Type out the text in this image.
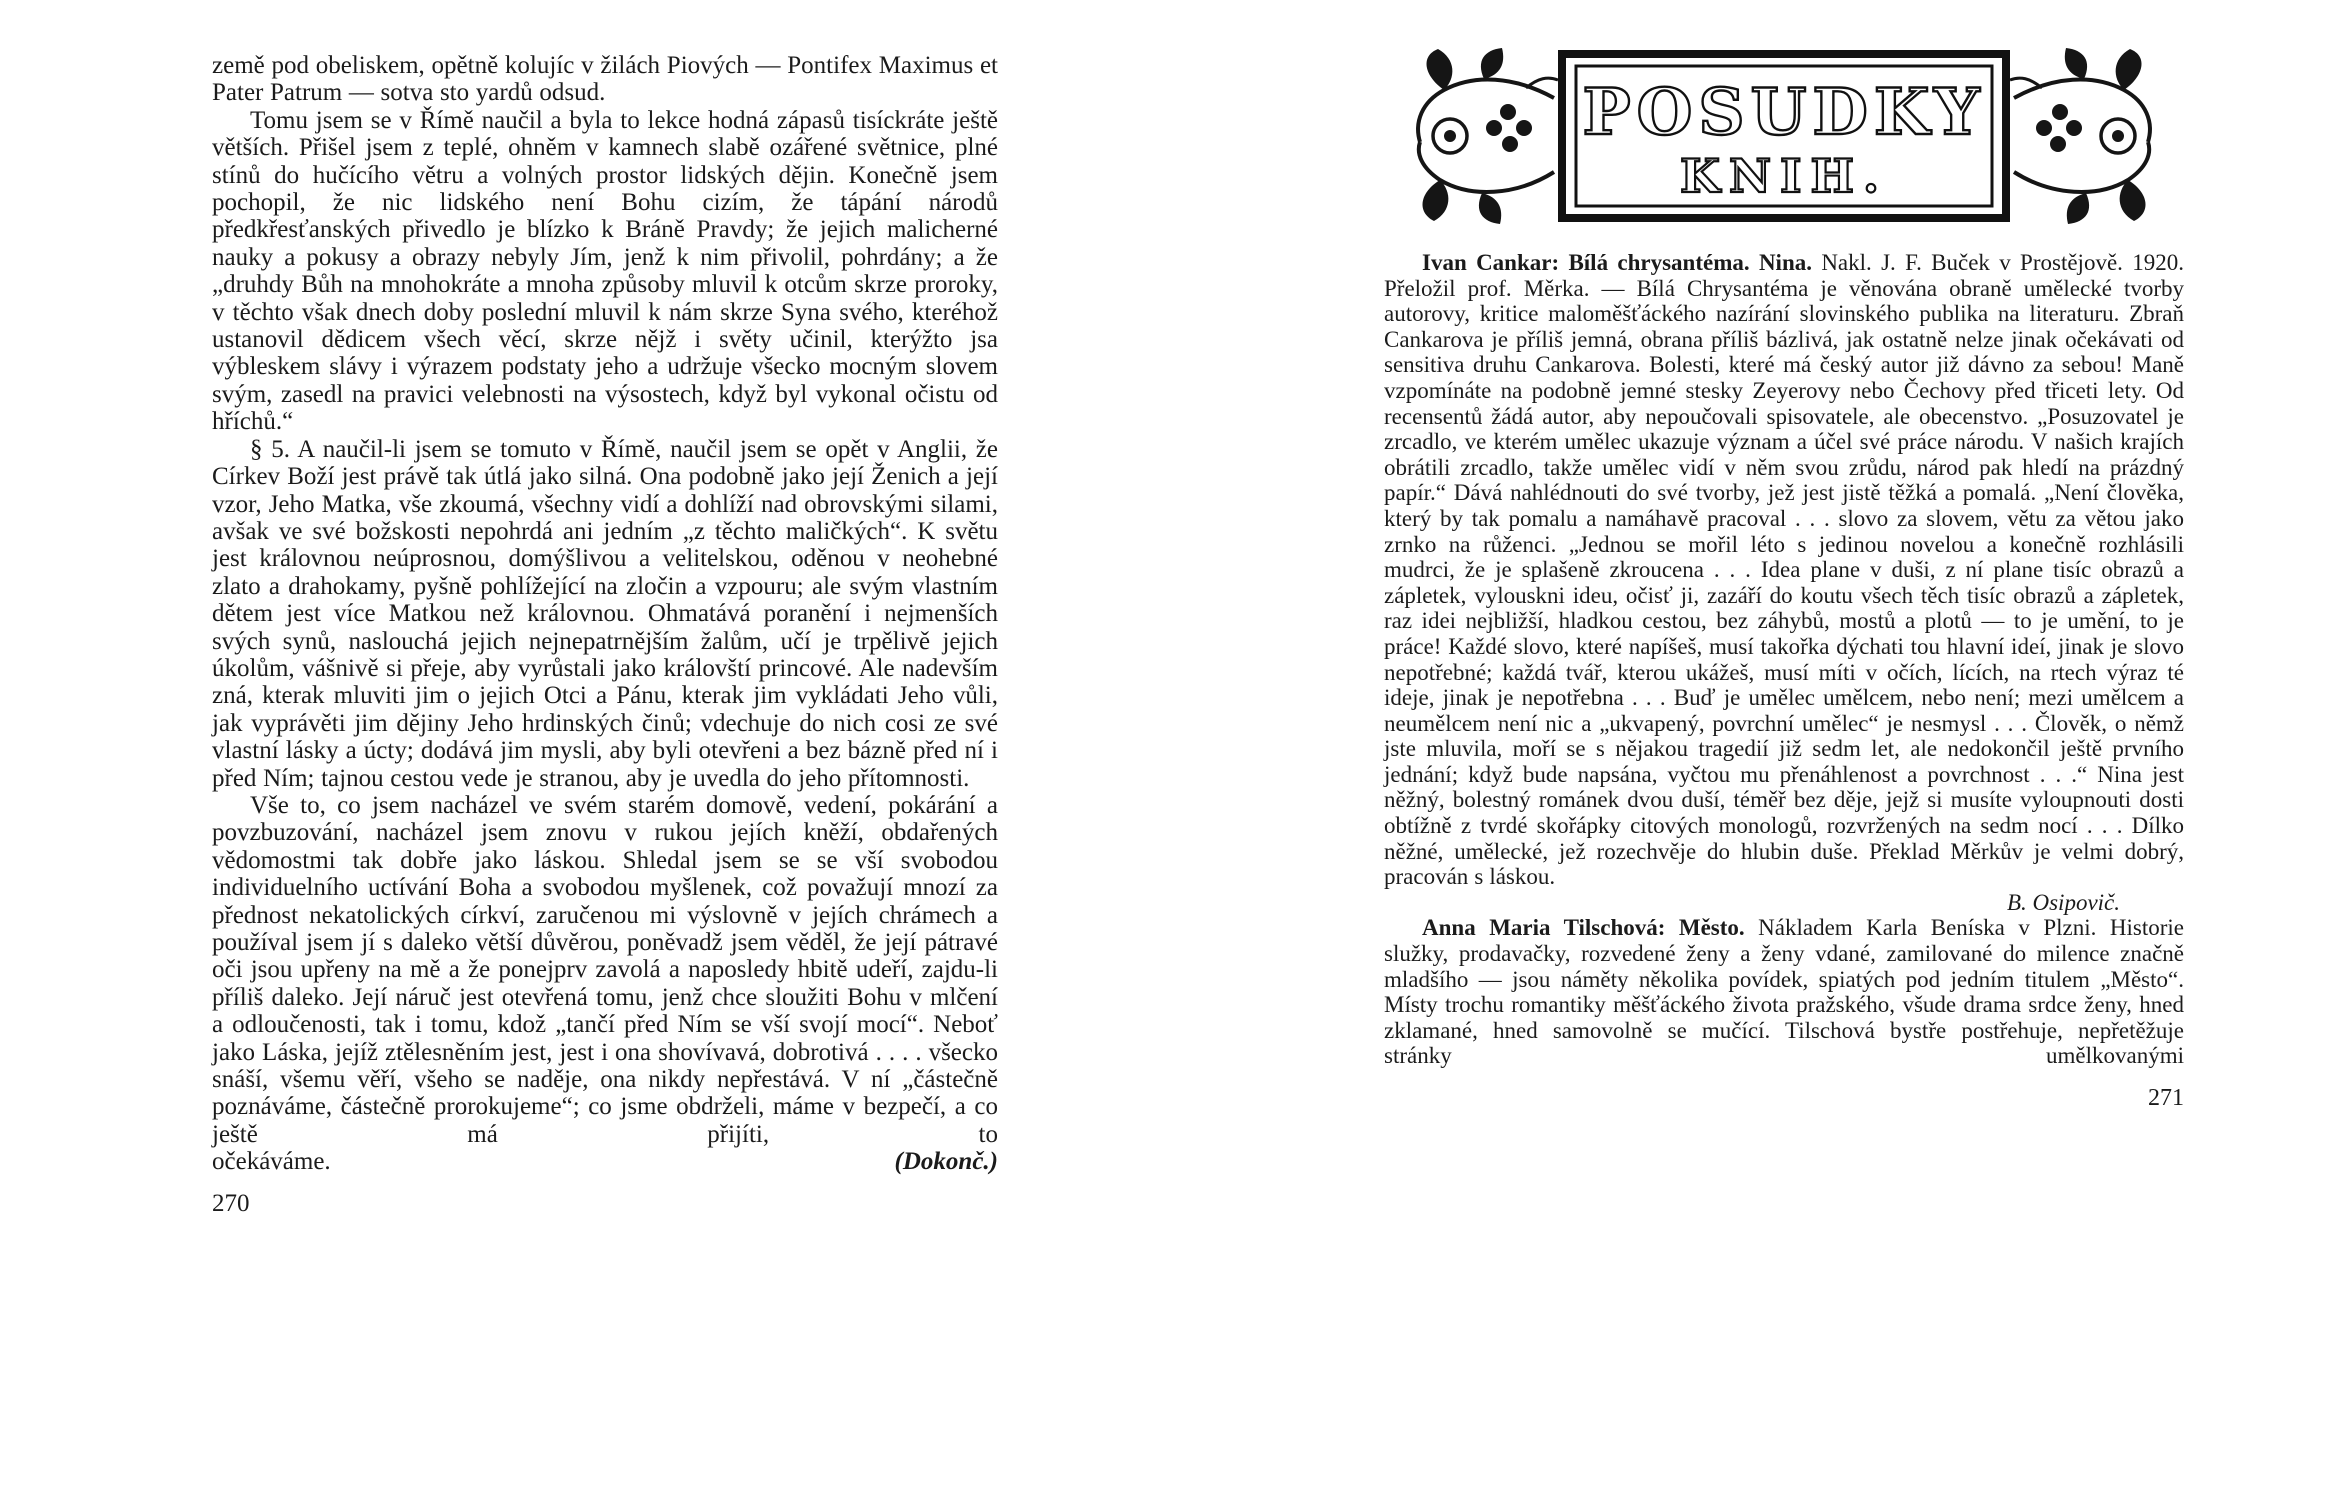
země pod obeliskem, opětně kolujíc v žilách Piových — Pontifex Maximus et Pater Patrum — sotva sto yardů odsud.

Tomu jsem se v Římě naučil a byla to lekce hodná zápasů tisíckráte ještě větších. Přišel jsem z teplé, ohněm v kamnech slabě ozářené světnice, plné stínů do hučícího větru a volných prostor lidských dějin. Konečně jsem pochopil, že nic lidského není Bohu cizím, že tápání národů předkřesťanských přivedlo je blízko k Bráně Pravdy; že jejich malicherné nauky a pokusy a obrazy nebyly Jím, jenž k nim přivolil, pohrdány; a že „druhdy Bůh na mnohokráte a mnoha způsoby mluvil k otcům skrze proroky, v těchto však dnech doby poslední mluvil k nám skrze Syna svého, kteréhož ustanovil dědicem všech věcí, skrze nějž i světy učinil, kterýžto jsa výbleskem slávy i výrazem podstaty jeho a udržuje všecko mocným slovem svým, zasedl na pravici velebnosti na výsostech, když byl vykonal očistu od hříchů.“

§ 5. A naučil-li jsem se tomuto v Římě, naučil jsem se opět v Anglii, že Církev Boží jest právě tak útlá jako silná. Ona podobně jako její Ženich a její vzor, Jeho Matka, vše zkoumá, všechny vidí a dohlíží nad obrovskými silami, avšak ve své božskosti nepohrdá ani jedním „z těchto maličkých“. K světu jest královnou neúprosnou, domýšlivou a velitelskou, oděnou v neohebné zlato a drahokamy, pyšně pohlížející na zločin a vzpouru; ale svým vlastním dětem jest více Matkou než královnou. Ohmatává poranění i nejmenších svých synů, naslouchá jejich nejnepatrnějším žalům, učí je trpělivě jejich úkolům, vášnivě si přeje, aby vyrůstali jako královští princové. Ale nadevším zná, kterak mluviti jim o jejich Otci a Pánu, kterak jim vykládati Jeho vůli, jak vyprávěti jim dějiny Jeho hrdinských činů; vdechuje do nich cosi ze své vlastní lásky a úcty; dodává jim mysli, aby byli otevřeni a bez bázně před ní i před Ním; tajnou cestou vede je stranou, aby je uvedla do jeho přítomnosti.

Vše to, co jsem nacházel ve svém starém domově, vedení, pokárání a povzbuzování, nacházel jsem znovu v rukou jejích kněží, obdařených vědomostmi tak dobře jako láskou. Shledal jsem se se vší svobodou individuelního uctívání Boha a svobodou myšlenek, což považují mnozí za přednost nekatolických církví, zaručenou mi výslovně v jejích chrámech a používal jsem jí s daleko větší důvěrou, poněvadž jsem věděl, že její pátravé oči jsou upřeny na mě a že ponejprv zavolá a naposledy hbitě udeří, zajdu-li příliš daleko. Její náruč jest otevřená tomu, jenž chce sloužiti Bohu v mlčení a odloučenosti, tak i tomu, kdož „tančí před Ním se vší svojí mocí“. Neboť jako Láska, jejíž ztělesněním jest, jest i ona shovívavá, dobrotivá . . . . všecko snáší, všemu věří, všeho se naděje, ona nikdy nepřestává. V ní „částečně poznáváme, částečně prorokujeme“; co jsme obdrželi, máme v bezpečí, a co ještě má přijíti, to

očekáváme.	(Dokonč.)
270
POSUDKY
KNIH.

Ivan Cankar: Bílá chrysantéma. Nina. Nakl. J. F. Buček v Prostějově. 1920. Přeložil prof. Měrka. — Bílá Chrysantéma je věnována obraně umělecké tvorby autorovy, kritice maloměšťáckého nazírání slovinského publika na literaturu. Zbraň Cankarova je příliš jemná, obrana příliš bázlivá, jak ostatně nelze jinak očekávati od sensitiva druhu Cankarova. Bolesti, které má český autor již dávno za sebou! Maně vzpomínáte na podobně jemné stesky Zeyerovy nebo Čechovy před třiceti lety. Od recensentů žádá autor, aby nepoučovali spisovatele, ale obecenstvo. „Posuzovatel je zrcadlo, ve kterém umělec ukazuje význam a účel své práce národu. V našich krajích obrátili zrcadlo, takže umělec vidí v něm svou zrůdu, národ pak hledí na prázdný papír.“ Dává nahlédnouti do své tvorby, jež jest jistě těžká a pomalá. „Není člověka, který by tak pomalu a namáhavě pracoval . . . slovo za slovem, větu za větou jako zrnko na růženci. „Jednou se mořil léto s jedinou novelou a konečně rozhlásili mudrci, že je splašeně zkroucena . . . Idea plane v duši, z ní plane tisíc obrazů a zápletek, vylouskni ideu, očisť ji, zazáří do koutu všech těch tisíc obrazů a zápletek, raz idei nejbližší, hladkou cestou, bez záhybů, mostů a plotů — to je umění, to je práce! Každé slovo, které napíšeš, musí takořka dýchati tou hlavní ideí, jinak je slovo nepotřebné; každá tvář, kterou ukážeš, musí míti v očích, lících, na rtech výraz té ideje, jinak je nepotřebna . . . Buď je umělec umělcem, nebo není; mezi umělcem a neumělcem není nic a „ukvapený, povrchní umělec“ je nesmysl . . . Člověk, o němž jste mluvila, moří se s nějakou tragedií již sedm let, ale nedokončil ještě prvního jednání; když bude napsána, vyčtou mu přenáhlenost a povrchnost . . .“ Nina jest něžný, bolestný románek dvou duší, téměř bez děje, jejž si musíte vyloupnouti dosti obtížně z tvrdé skořápky citových monologů, rozvržených na sedm nocí . . . Dílko něžné, umělecké, jež rozechvěje do hlubin duše. Překlad Měrkův je velmi dobrý, pracován s láskou.

B. Osipovič.

Anna Maria Tilschová: Město. Nákladem Karla Beníska v Plzni. Historie služky, prodavačky, rozvedené ženy a ženy vdané, zamilované do milence značně mladšího — jsou náměty několika povídek, spiatých pod jedním titulem „Město“. Místy trochu romantiky měšťáckého života pražského, všude drama srdce ženy, hned zklamané, hned samovolně se mučící. Tilschová bystře postřehuje, nepřetěžuje stránky umělkovanými

271
